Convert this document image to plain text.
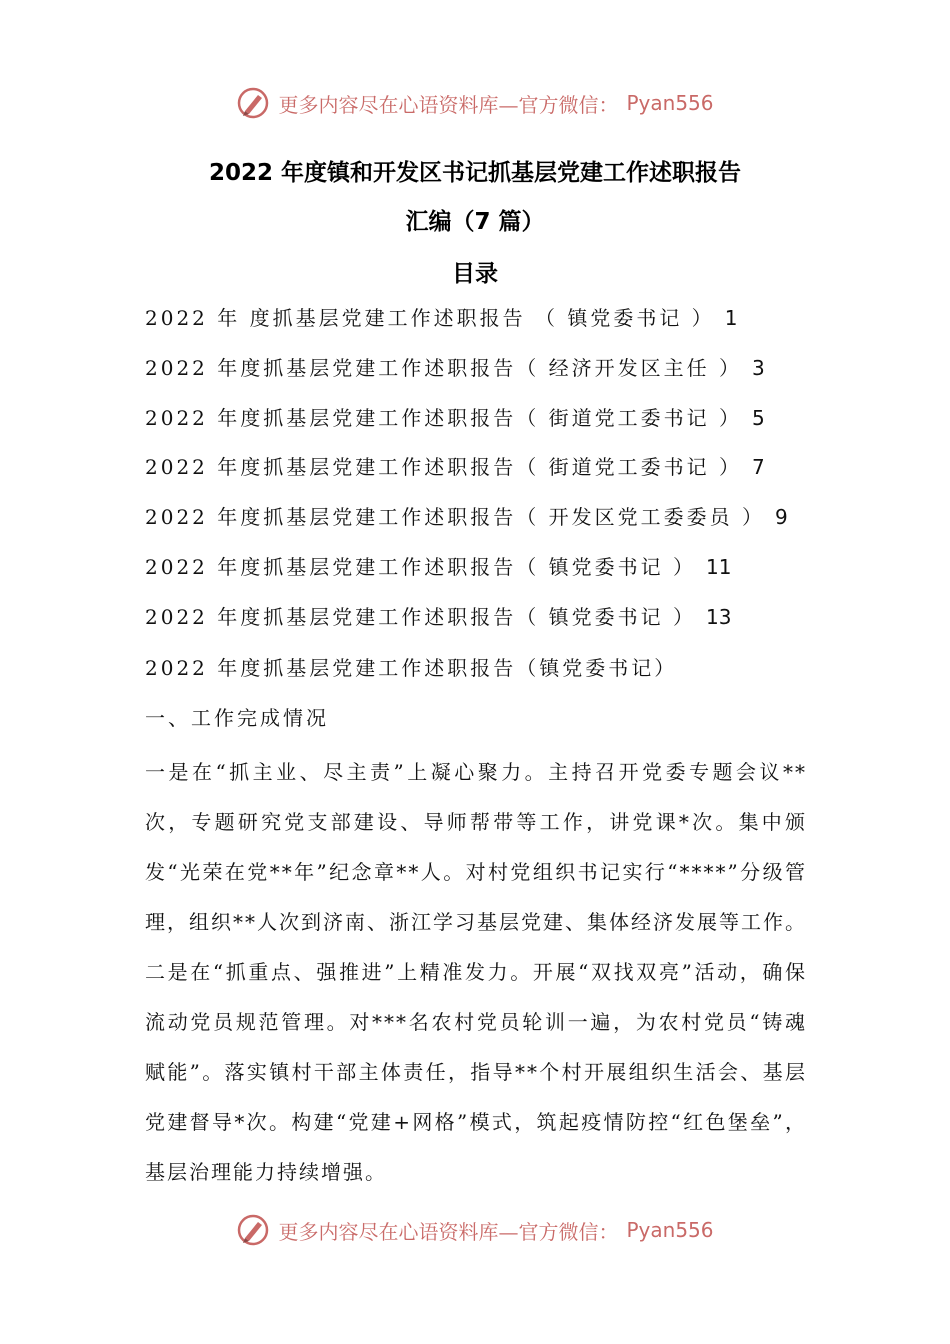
更多内容尽在心语资料库—官方微信： Pyan556
2022 年度镇和开发区书记抓基层党建工作述职报告
汇编（7 篇）
目录
2022 年 度抓基层党建工作述职报告 （ 镇党委书记 ） 1
2022 年度抓基层党建工作述职报告（ 经济开发区主任 ） 3
2022 年度抓基层党建工作述职报告（ 街道党工委书记 ） 5
2022 年度抓基层党建工作述职报告（ 街道党工委书记 ） 7
2022 年度抓基层党建工作述职报告（ 开发区党工委委员 ） 9
2022 年度抓基层党建工作述职报告（ 镇党委书记 ） 11
2022 年度抓基层党建工作述职报告（ 镇党委书记 ） 13
2022 年度抓基层党建工作述职报告（镇党委书记）
一、工作完成情况

一是在“抓主业、尽主责”上凝心聚力。主持召开党委专题会议**次，专题研究党支部建设、导师帮带等工作，讲党课*次。集中颁发“光荣在党**年”纪念章**人。对村党组织书记实行“****”分级管理，组织**人次到济南、浙江学习基层党建、集体经济发展等工作。

二是在“抓重点、强推进”上精准发力。开展“双找双亮”活动，确保流动党员规范管理。对***名农村党员轮训一遍，为农村党员“铸魂赋能”。落实镇村干部主体责任，指导**个村开展组织生活会、基层党建督导*次。构建“党建+网格”模式，筑起疫情防控“红色堡垒”，基层治理能力持续增强。

更多内容尽在心语资料库—官方微信： Pyan556
